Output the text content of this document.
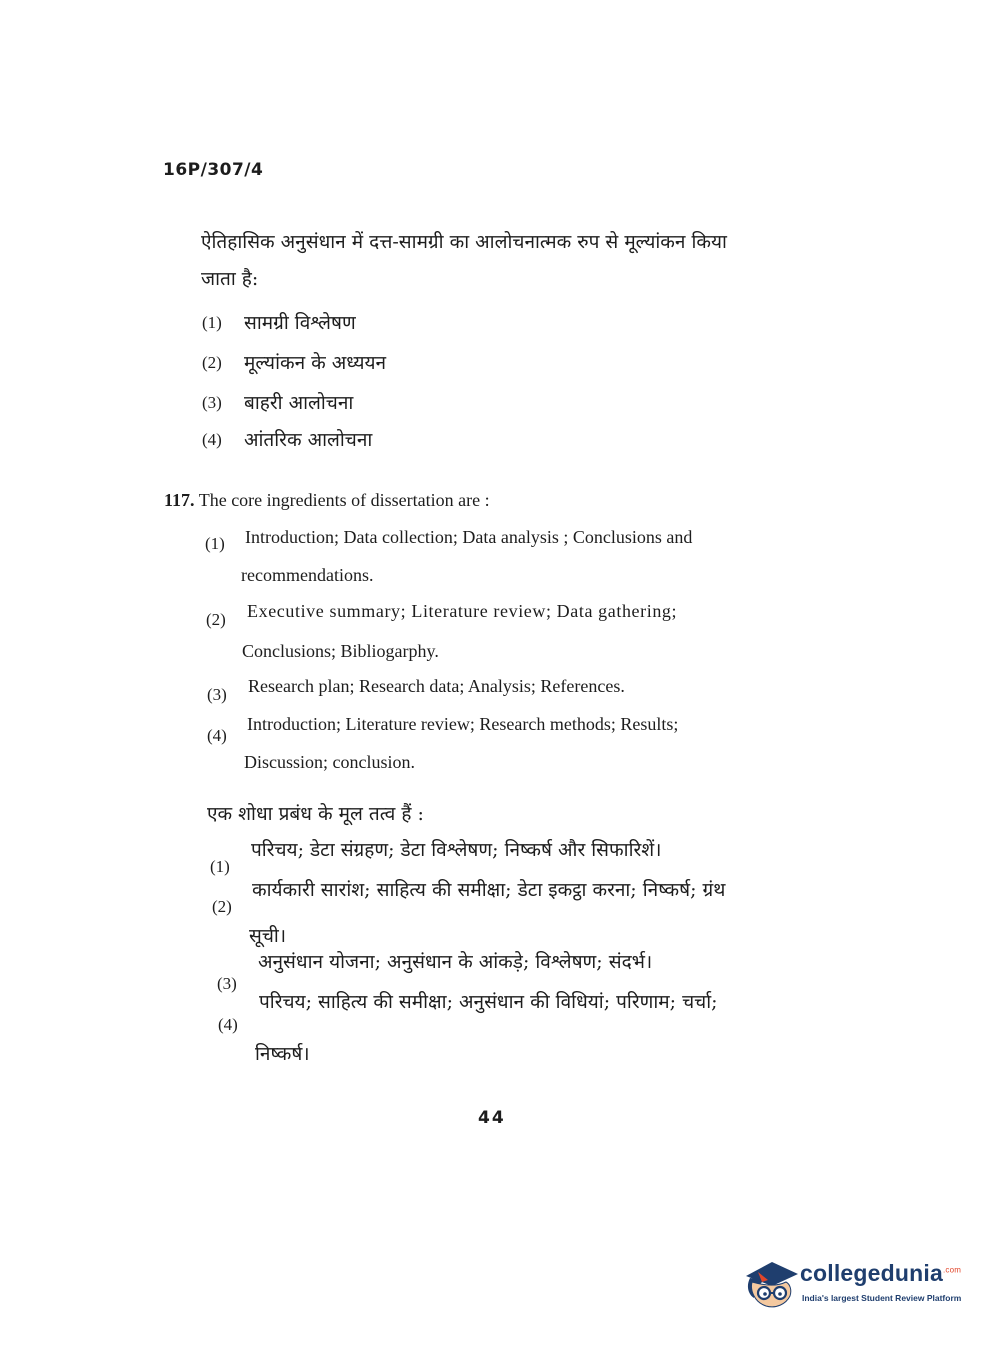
16P/307/4
ऐतिहासिक अनुसंधान में दत्त-सामग्री का आलोचनात्मक रुप से मूल्यांकन किया
जाता है:
(1) सामग्री विश्लेषण
(2) मूल्यांकन के अध्ययन
(3) बाहरी आलोचना
(4) आंतरिक आलोचना
117. The core ingredients of dissertation are :
(1) Introduction; Data collection; Data analysis ; Conclusions and
recommendations.
(2) Executive summary; Literature review; Data gathering;
Conclusions; Bibliogarphy.
(3) Research plan; Research data; Analysis; References.
(4)
Introduction; Literature review; Research methods; Results;
Discussion; conclusion.
एक शोधा प्रबंध के मूल तत्व हैं :
(1)
परिचय; डेटा संग्रहण; डेटा विश्लेषण; निष्कर्ष और सिफारिशें।
(2)
कार्यकारी सारांश; साहित्य की समीक्षा; डेटा इकट्ठा करना; निष्कर्ष; ग्रंथ
सूची।
(3)
अनुसंधान योजना; अनुसंधान के आंकड़े; विश्लेषण; संदर्भ।
(4)
परिचय; साहित्य की समीक्षा; अनुसंधान की विधियां; परिणाम; चर्चा;
निष्कर्ष।
44
collegedunia$^{.com}$
India's largest Student Review Platform
